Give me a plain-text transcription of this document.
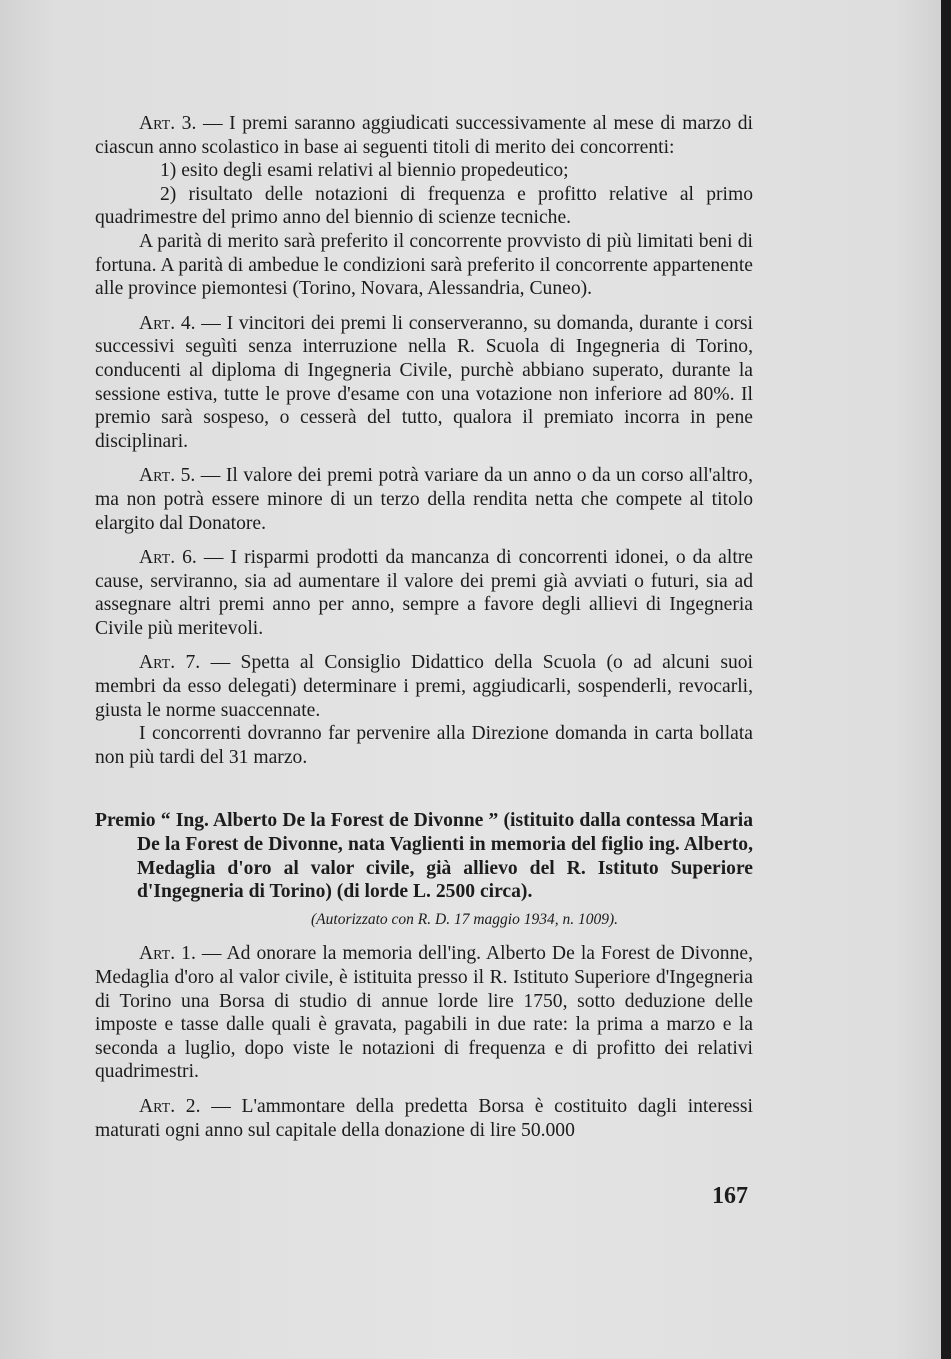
Art. 3. — I premi saranno aggiudicati successivamente al mese di marzo di ciascun anno scolastico in base ai seguenti titoli di merito dei concorrenti:

1) esito degli esami relativi al biennio propedeutico;

2) risultato delle notazioni di frequenza e profitto relative al primo quadrimestre del primo anno del biennio di scienze tecniche.

A parità di merito sarà preferito il concorrente provvisto di più limitati beni di fortuna. A parità di ambedue le condizioni sarà preferito il concorrente appartenente alle province piemontesi (Torino, Novara, Alessandria, Cuneo).

Art. 4. — I vincitori dei premi li conserveranno, su domanda, durante i corsi successivi seguìti senza interruzione nella R. Scuola di Ingegneria di Torino, conducenti al diploma di Ingegneria Civile, purchè abbiano superato, durante la sessione estiva, tutte le prove d'esame con una votazione non inferiore ad 80%. Il premio sarà sospeso, o cesserà del tutto, qualora il premiato incorra in pene disciplinari.

Art. 5. — Il valore dei premi potrà variare da un anno o da un corso all'altro, ma non potrà essere minore di un terzo della rendita netta che compete al titolo elargito dal Donatore.

Art. 6. — I risparmi prodotti da mancanza di concorrenti idonei, o da altre cause, serviranno, sia ad aumentare il valore dei premi già avviati o futuri, sia ad assegnare altri premi anno per anno, sempre a favore degli allievi di Ingegneria Civile più meritevoli.

Art. 7. — Spetta al Consiglio Didattico della Scuola (o ad alcuni suoi membri da esso delegati) determinare i premi, aggiudicarli, sospenderli, revocarli, giusta le norme suaccennate.

I concorrenti dovranno far pervenire alla Direzione domanda in carta bollata non più tardi del 31 marzo.

Premio “ Ing. Alberto De la Forest de Divonne ” (istituito dalla contessa Maria De la Forest de Divonne, nata Vaglienti in memoria del figlio ing. Alberto, Medaglia d'oro al valor civile, già allievo del R. Istituto Superiore d'Ingegneria di Torino) (di lorde L. 2500 circa).

(Autorizzato con R. D. 17 maggio 1934, n. 1009).

Art. 1. — Ad onorare la memoria dell'ing. Alberto De la Forest de Divonne, Medaglia d'oro al valor civile, è istituita presso il R. Istituto Superiore d'Ingegneria di Torino una Borsa di studio di annue lorde lire 1750, sotto deduzione delle imposte e tasse dalle quali è gravata, pagabili in due rate: la prima a marzo e la seconda a luglio, dopo viste le notazioni di frequenza e di profitto dei relativi quadrimestri.

Art. 2. — L'ammontare della predetta Borsa è costituito dagli interessi maturati ogni anno sul capitale della donazione di lire 50.000

167
